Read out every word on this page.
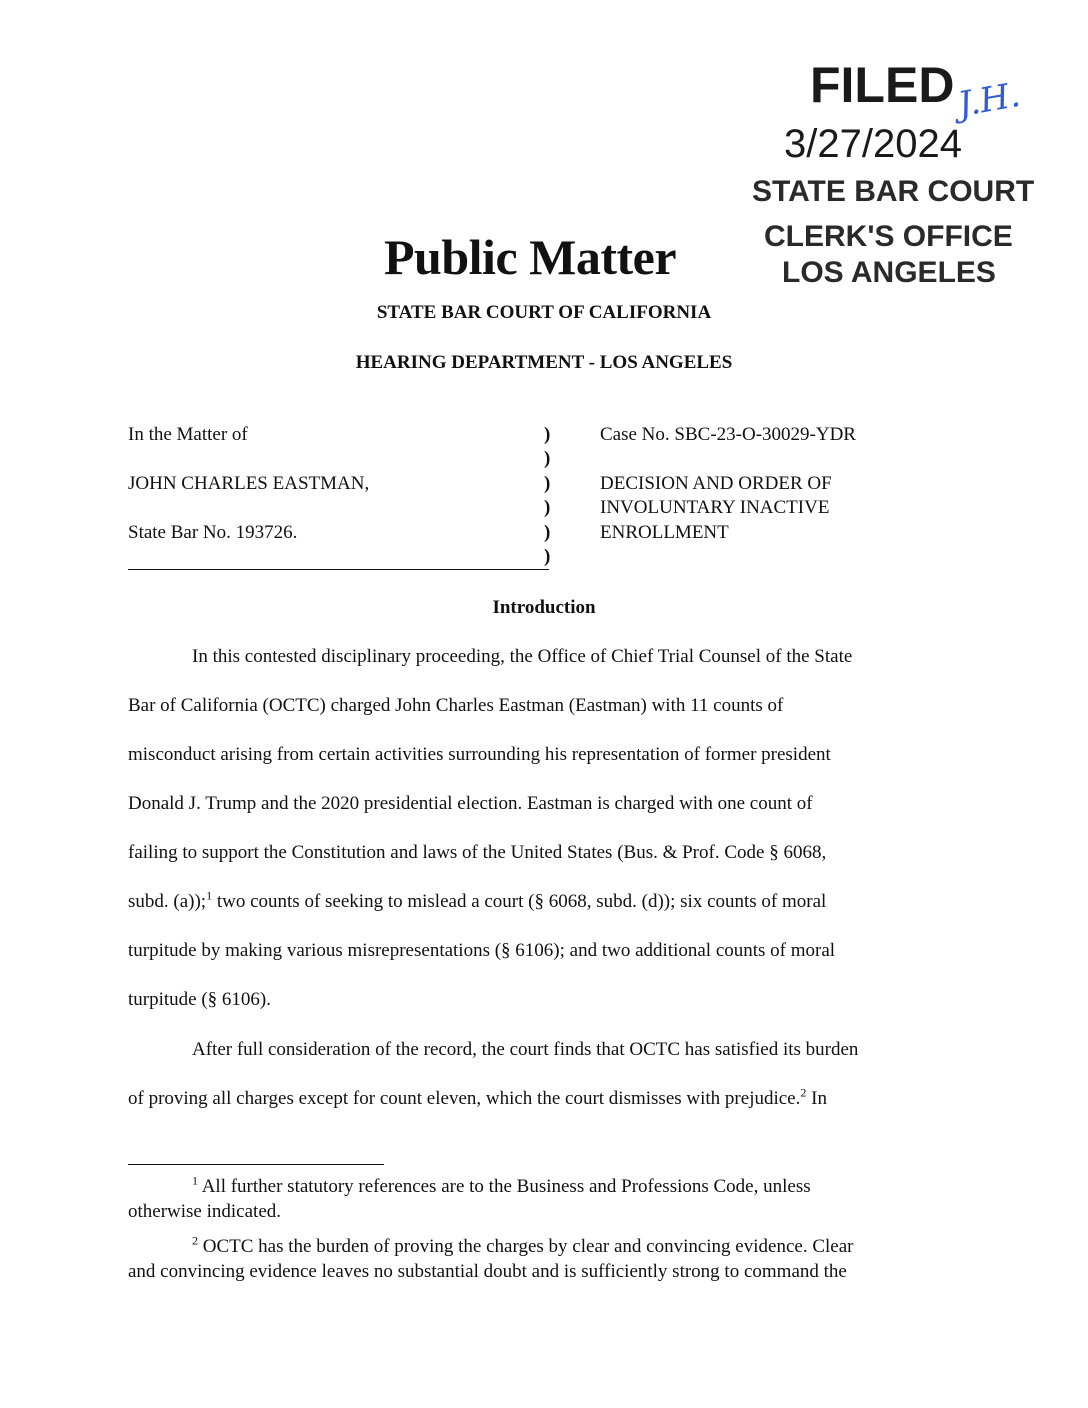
FILED J.H.
3/27/2024
STATE BAR COURT
CLERK'S OFFICE
LOS ANGELES
Public Matter
STATE BAR COURT OF CALIFORNIA
HEARING DEPARTMENT - LOS ANGELES
In the Matter of
JOHN CHARLES EASTMAN,
State Bar No. 193726.
)
)
)
)
)
)
Case No. SBC-23-O-30029-YDR
DECISION AND ORDER OF
INVOLUNTARY INACTIVE
ENROLLMENT
Introduction
In this contested disciplinary proceeding, the Office of Chief Trial Counsel of the State
Bar of California (OCTC) charged John Charles Eastman (Eastman) with 11 counts of
misconduct arising from certain activities surrounding his representation of former president
Donald J. Trump and the 2020 presidential election. Eastman is charged with one count of
failing to support the Constitution and laws of the United States (Bus. & Prof. Code § 6068,
subd. (a));$^1$ two counts of seeking to mislead a court (§ 6068, subd. (d)); six counts of moral
turpitude by making various misrepresentations (§ 6106); and two additional counts of moral
turpitude (§ 6106).
After full consideration of the record, the court finds that OCTC has satisfied its burden
of proving all charges except for count eleven, which the court dismisses with prejudice.$^2$ In
$^1$ All further statutory references are to the Business and Professions Code, unless
otherwise indicated.
$^2$ OCTC has the burden of proving the charges by clear and convincing evidence. Clear
and convincing evidence leaves no substantial doubt and is sufficiently strong to command the
